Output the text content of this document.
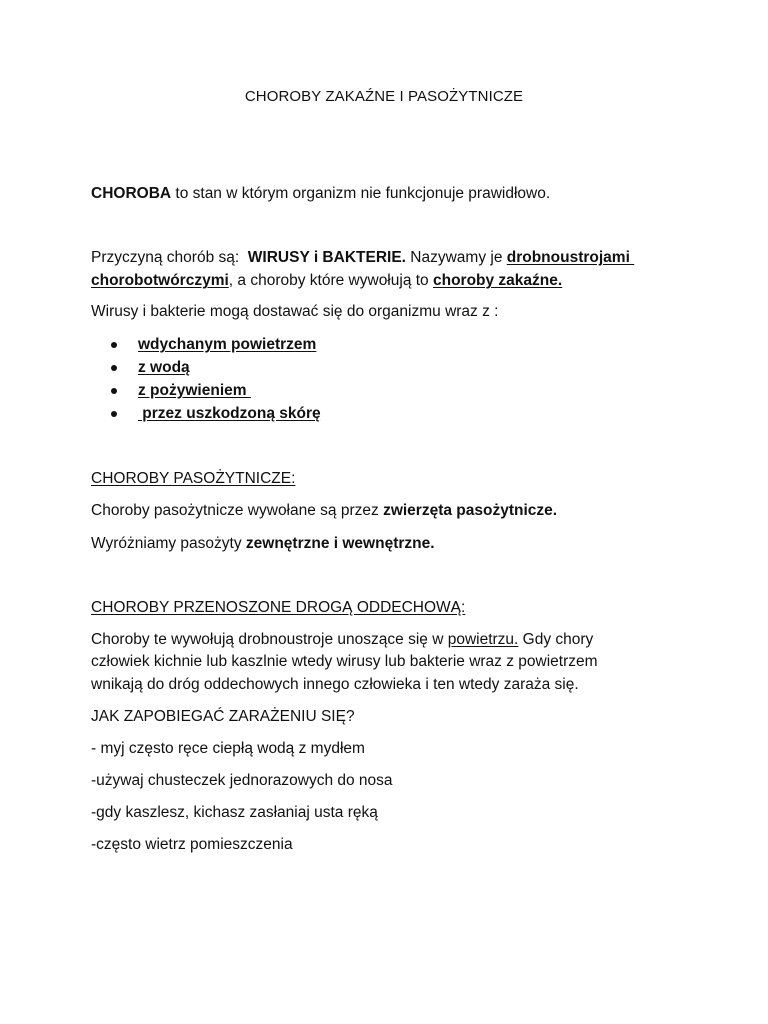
CHOROBY ZAKAŹNE I PASOŻYTNICZE
CHOROBA to stan w którym organizm nie funkcjonuje prawidłowo.
Przyczyną chorób są:  WIRUSY i BAKTERIE. Nazywamy je drobnoustrojami
chorobotwórczymi, a choroby które wywołują to choroby zakaźne.
Wirusy i bakterie mogą dostawać się do organizmu wraz z :
wdychanym powietrzem
z wodą
z pożywieniem
przez uszkodzoną skórę
CHOROBY PASOŻYTNICZE:
Choroby pasożytnicze wywołane są przez zwierzęta pasożytnicze.
Wyróżniamy pasożyty zewnętrzne i wewnętrzne.
CHOROBY PRZENOSZONE DROGĄ ODDECHOWĄ:
Choroby te wywołują drobnoustroje unoszące się w powietrzu. Gdy chory
człowiek kichnie lub kaszlnie wtedy wirusy lub bakterie wraz z powietrzem
wnikają do dróg oddechowych innego człowieka i ten wtedy zaraża się.
JAK ZAPOBIEGAĆ ZARAŻENIU SIĘ?
- myj często ręce ciepłą wodą z mydłem
-używaj chusteczek jednorazowych do nosa
-gdy kaszlesz, kichasz zasłaniaj usta ręką
-często wietrz pomieszczenia
